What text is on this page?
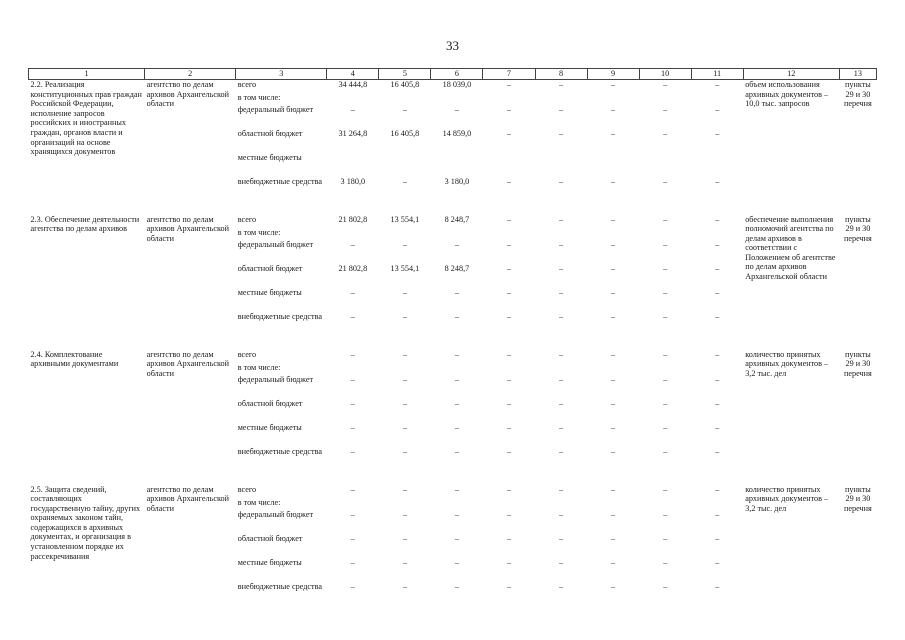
33
1	2	3	4	5	6	7	8	9	10	11	12	13
2.2. Реализация конституционных прав граждан Российской Федерации, исполнение запросов российских и иностранных граждан, органов власти и организаций на основе хранящихся документов	агентство по делам архивов Архангельской области	всего	34 444,8	16 405,8	18 039,0	–	–	–	–	–	объем использования архивных документов – 10,0 тыс. запросов	пункты 29 и 30 перечня
		в том числе:										
		федеральный бюджет	–	–	–	–	–	–	–	–		
		областной бюджет	31 264,8	16 405,8	14 859,0	–	–	–	–	–		
		местные бюджеты										
		внебюджетные средства	3 180,0	–	3 180,0	–	–	–	–	–		

2.3. Обеспечение деятельности агентства по делам архивов	агентство по делам архивов Архангельской области	всего	21 802,8	13 554,1	8 248,7	–	–	–	–	–	обеспечение выполнения полномочий агентства по делам архивов в соответствии с Положением об агентстве по делам архивов Архангельской области	пункты 29 и 30 перечня
		в том числе:										
		федеральный бюджет	–	–	–	–	–	–	–	–		
		областной бюджет	21 802,8	13 554,1	8 248,7	–	–	–	–	–		
		местные бюджеты	–	–	–	–	–	–	–	–		
		внебюджетные средства	–	–	–	–	–	–	–	–		

2.4. Комплектование архивными документами	агентство по делам архивов Архангельской области	всего	–	–	–	–	–	–	–	–	количество принятых архивных документов – 3,2 тыс. дел	пункты 29 и 30 перечня
		в том числе:										
		федеральный бюджет	–	–	–	–	–	–	–	–		
		областной бюджет	–	–	–	–	–	–	–	–		
		местные бюджеты	–	–	–	–	–	–	–	–		
		внебюджетные средства	–	–	–	–	–	–	–	–		

2.5. Защита сведений, составляющих государственную тайну, других охраняемых законом тайн, содержащихся в архивных документах, и организация в установленном порядке их рассекречивания	агентство по делам архивов Архангельской области	всего	–	–	–	–	–	–	–	–	количество принятых архивных документов – 3,2 тыс. дел	пункты 29 и 30 перечня
		в том числе:										
		федеральный бюджет	–	–	–	–	–	–	–	–		
		областной бюджет	–	–	–	–	–	–	–	–		
		местные бюджеты	–	–	–	–	–	–	–	–		
		внебюджетные средства	–	–	–	–	–	–	–	–		
